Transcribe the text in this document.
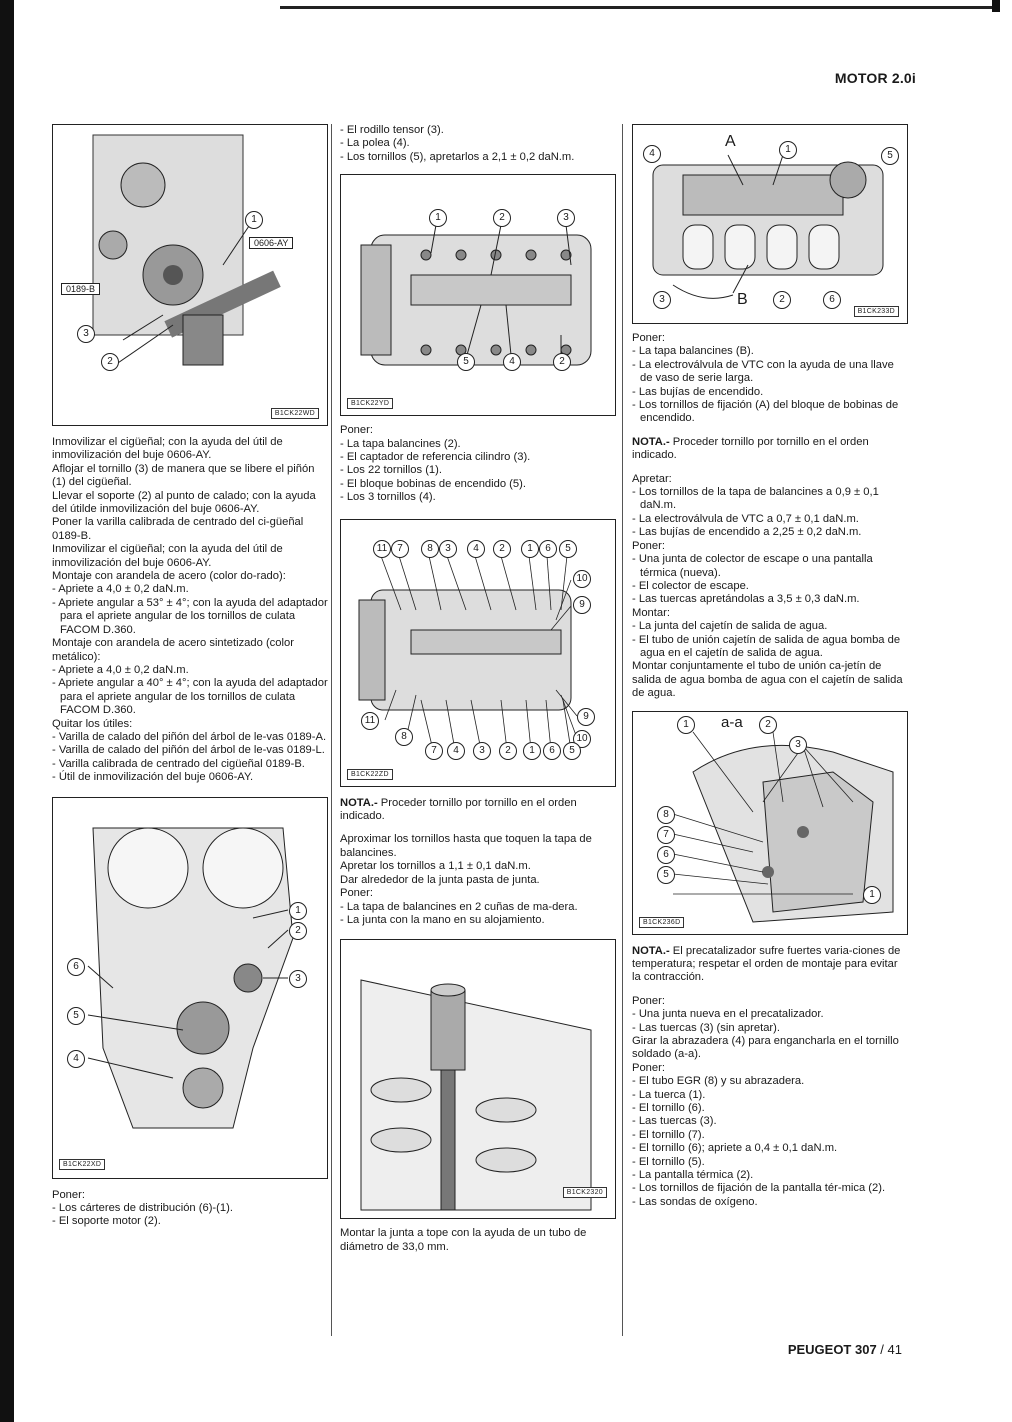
MOTOR 2.0i
1
0606-AY
0189-B
3
2
B1CK22WD

Inmovilizar el cigüeñal; con la ayuda del útil de inmovilización del buje 0606-AY.

Aflojar el tornillo (3) de manera que se libere el piñón (1) del cigüeñal.

Llevar el soporte (2) al punto de calado; con la ayuda del útilde inmovilización del buje 0606-AY.

Poner la varilla calibrada de centrado del ci-güeñal 0189-B.

Inmovilizar el cigüeñal; con la ayuda del útil de inmovilización del buje 0606-AY.

Montaje con arandela de acero (color do-rado):

- Apriete a 4,0 ± 0,2 daN.m.

- Apriete angular a 53° ± 4°; con la ayuda del adaptador para el apriete angular de los tornillos de culata FACOM D.360.

Montaje con arandela de acero sintetizado (color metálico):

- Apriete a 4,0 ± 0,2 daN.m.

- Apriete angular a 40° ± 4°; con la ayuda del adaptador para el apriete angular de los tornillos de culata FACOM D.360.

Quitar los útiles:

- Varilla de calado del piñón del árbol de le-vas 0189-A.

- Varilla de calado del piñón del árbol de le-vas 0189-L.

- Varilla calibrada de centrado del cigüeñal 0189-B.

- Útil de inmovilización del buje 0606-AY.

1
2
3
6
5
4
B1CK22XD

Poner:

- Los cárteres de distribución (6)-(1).

- El soporte motor (2).

- El rodillo tensor (3).

- La polea (4).

- Los tornillos (5), apretarlos a 2,1 ± 0,2 daN.m.

1	2	3
5	4	2
B1CK22YD

Poner:

- La tapa balancines (2).

- El captador de referencia cilindro (3).

- Los 22 tornillos (1).

- El bloque bobinas de encendido (5).

- Los 3 tornillos (4).

11	7	8	3	4	2	1	6	5
10
9
9
10
11
8
7	4	3	2	1	6	5
B1CK22ZD

NOTA.- Proceder tornillo por tornillo en el orden indicado.

Aproximar los tornillos hasta que toquen la tapa de balancines.

Apretar los tornillos a 1,1 ± 0,1 daN.m.

Dar alrededor de la junta pasta de junta.

Poner:

- La tapa de balancines en 2 cuñas de ma-dera.

- La junta con la mano en su alojamiento.

B1CK2320

Montar la junta a tope con la ayuda de un tubo de diámetro de 33,0 mm.

4
A	1
5
3	B	2	6
B1CK233D

Poner:

- La tapa balancines (B).

- La electroválvula de VTC con la ayuda de una llave de vaso de serie larga.

- Las bujías de encendido.

- Los tornillos de fijación (A) del bloque de bobinas de encendido.

NOTA.- Proceder tornillo por tornillo en el orden indicado.

Apretar:

- Los tornillos de la tapa de balancines a 0,9 ± 0,1 daN.m.

- La electroválvula de VTC a 0,7 ± 0,1 daN.m.

- Las bujías de encendido a 2,25 ± 0,2 daN.m.

Poner:

- Una junta de colector de escape o una pantalla térmica (nueva).

- El colector de escape.

- Las tuercas apretándolas a 3,5 ± 0,3 daN.m.

Montar:

- La junta del cajetín de salida de agua.

- El tubo de unión cajetín de salida de agua bomba de agua en el cajetín de salida de agua.

Montar conjuntamente el tubo de unión ca-jetín de salida de agua bomba de agua con el cajetín de salida de agua.

1	a-a	2
3
8
7
6
5
1
B1CK236D

NOTA.- El precatalizador sufre fuertes varia-ciones de temperatura; respetar el orden de montaje para evitar la contracción.

Poner:

- Una junta nueva en el precatalizador.

- Las tuercas (3) (sin apretar).

Girar la abrazadera (4) para engancharla en el tornillo soldado (a-a).

Poner:

- El tubo EGR (8) y su abrazadera.

- La tuerca (1).

- El tornillo (6).

- Las tuercas (3).

- El tornillo (7).

- El tornillo (6); apriete a 0,4 ± 0,1 daN.m.

- El tornillo (5).

- La pantalla térmica (2).

- Los tornillos de fijación de la pantalla tér-mica (2).

- Las sondas de oxígeno.

PEUGEOT 307 / 41
